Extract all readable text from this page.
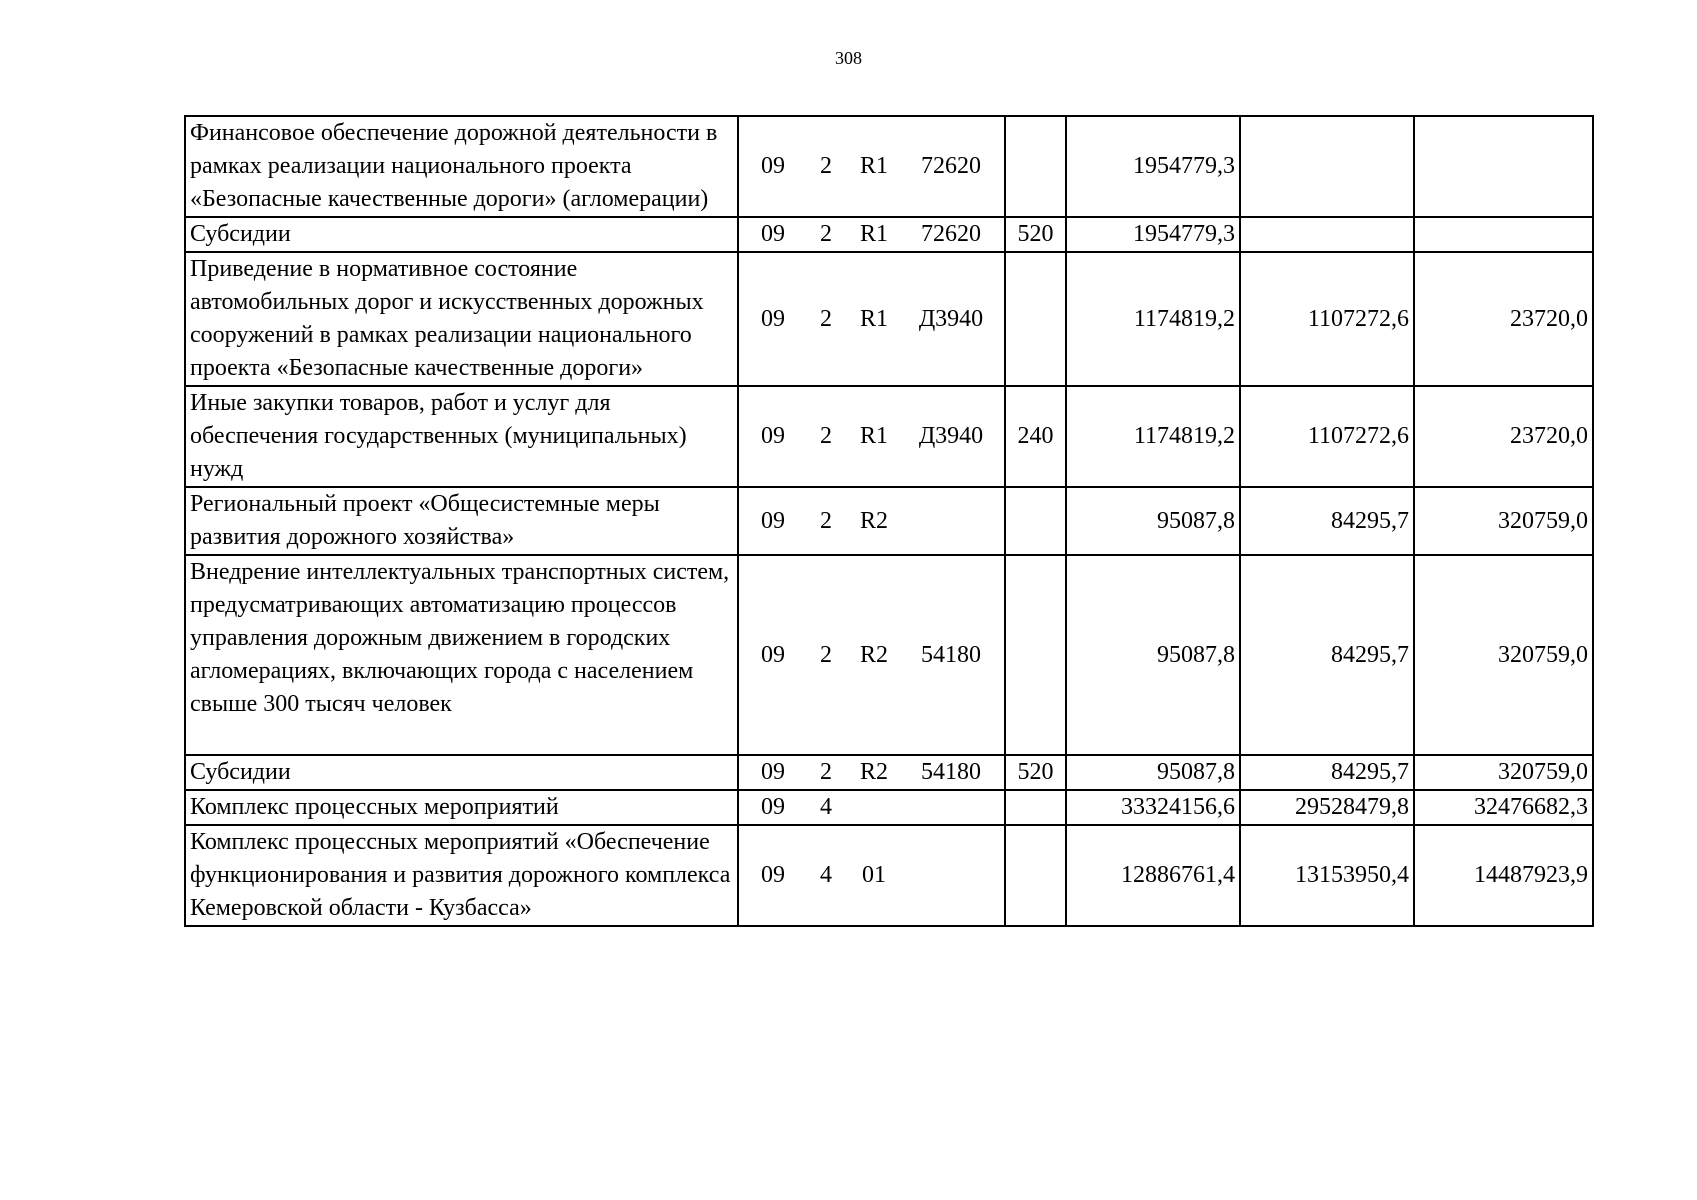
308
Финансовое обеспечение дорожной деятельности в рамках реализации национального проекта «Безопасные качественные дороги» (агломерации)	09 2 R1 72620		1954779,3		
Субсидии	09 2 R1 72620	520	1954779,3		
Приведение в нормативное состояние автомобильных дорог и искусственных дорожных сооружений в рамках реализации национального проекта «Безопасные качественные дороги»	09 2 R1 Д3940		1174819,2	1107272,6	23720,0
Иные закупки товаров, работ и услуг для обеспечения государственных (муниципальных) нужд	09 2 R1 Д3940	240	1174819,2	1107272,6	23720,0
Региональный проект «Общесистемные меры развития дорожного хозяйства»	09 2 R2		95087,8	84295,7	320759,0
Внедрение интеллектуальных транспортных систем, предусматривающих автоматизацию процессов управления дорожным движением в городских агломерациях, включающих города с населением свыше 300 тысяч человек	09 2 R2 54180		95087,8	84295,7	320759,0
Субсидии	09 2 R2 54180	520	95087,8	84295,7	320759,0
Комплекс процессных мероприятий	09 4		33324156,6	29528479,8	32476682,3
Комплекс процессных мероприятий «Обеспечение функционирования и развития дорожного комплекса Кемеровской области - Кузбасса»	09 4 01		12886761,4	13153950,4	14487923,9
